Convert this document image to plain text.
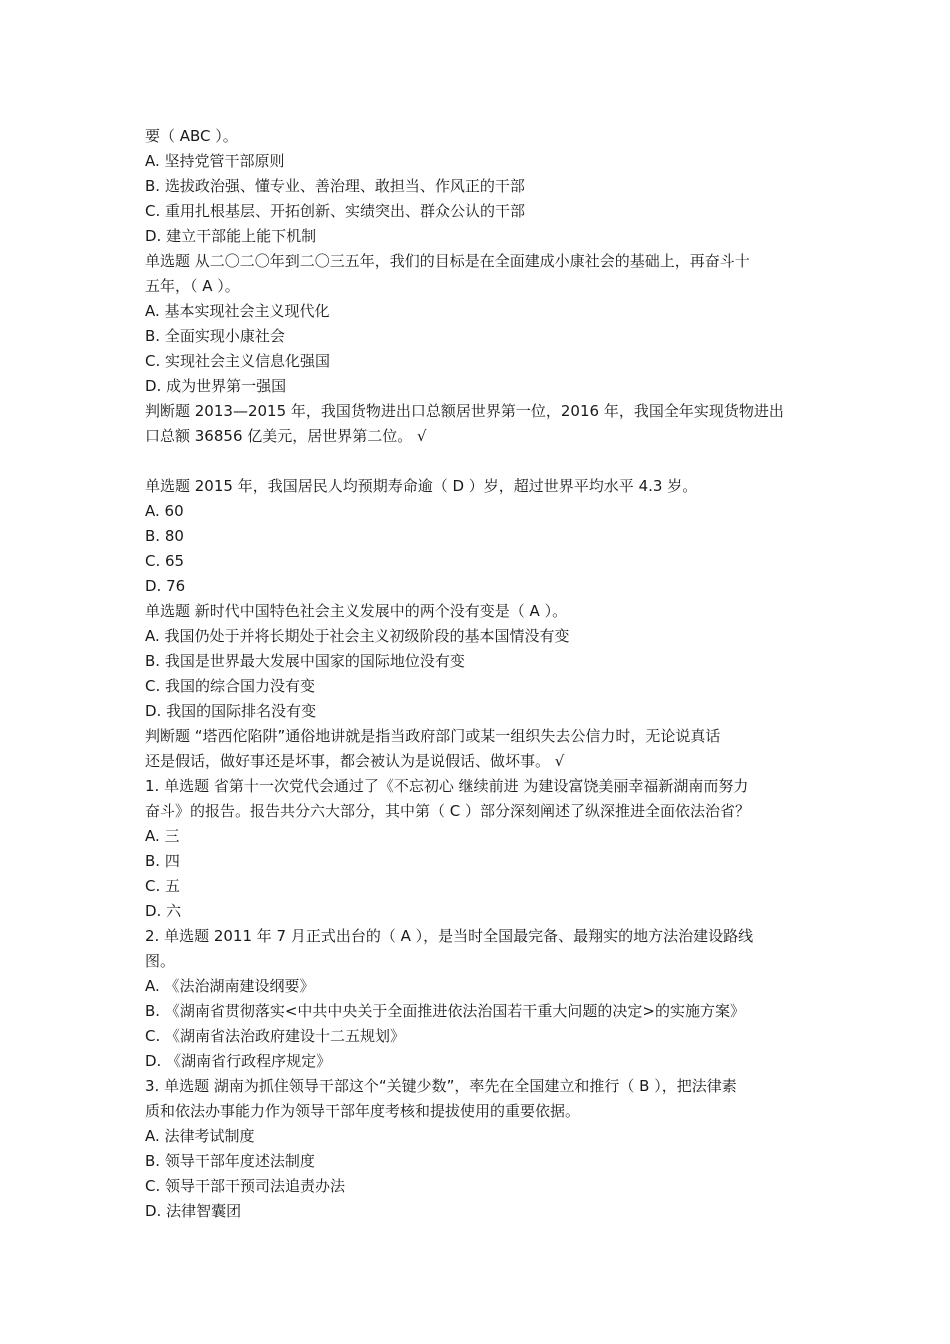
要（ ABC ）。
A. 坚持党管干部原则
B. 选拔政治强、懂专业、善治理、敢担当、作风正的干部
C. 重用扎根基层、开拓创新、实绩突出、群众公认的干部
D. 建立干部能上能下机制
单选题 从二〇二〇年到二〇三五年，我们的目标是在全面建成小康社会的基础上，再奋斗十
五年，（ A ）。
A. 基本实现社会主义现代化
B. 全面实现小康社会
C. 实现社会主义信息化强国
D. 成为世界第一强国
判断题 2013—2015 年，我国货物进出口总额居世界第一位，2016 年，我国全年实现货物进出
口总额 36856 亿美元，居世界第二位。 √
单选题 2015 年，我国居民人均预期寿命逾（ D ）岁，超过世界平均水平 4.3 岁。
A. 60
B. 80
C. 65
D. 76
单选题 新时代中国特色社会主义发展中的两个没有变是（ A ）。
A. 我国仍处于并将长期处于社会主义初级阶段的基本国情没有变
B. 我国是世界最大发展中国家的国际地位没有变
C. 我国的综合国力没有变
D. 我国的国际排名没有变
判断题 “塔西佗陷阱”通俗地讲就是指当政府部门或某一组织失去公信力时，无论说真话
还是假话，做好事还是坏事，都会被认为是说假话、做坏事。 √
1. 单选题 省第十一次党代会通过了《不忘初心 继续前进 为建设富饶美丽幸福新湖南而努力
奋斗》的报告。报告共分六大部分，其中第（ C ）部分深刻阐述了纵深推进全面依法治省？
A. 三
B. 四
C. 五
D. 六
2. 单选题 2011 年 7 月正式出台的（ A ），是当时全国最完备、最翔实的地方法治建设路线
图。
A. 《法治湖南建设纲要》
B. 《湖南省贯彻落实<中共中央关于全面推进依法治国若干重大问题的决定>的实施方案》
C. 《湖南省法治政府建设十二五规划》
D. 《湖南省行政程序规定》
3. 单选题 湖南为抓住领导干部这个“关键少数”，率先在全国建立和推行（ B ），把法律素
质和依法办事能力作为领导干部年度考核和提拔使用的重要依据。
A. 法律考试制度
B. 领导干部年度述法制度
C. 领导干部干预司法追责办法
D. 法律智囊团
